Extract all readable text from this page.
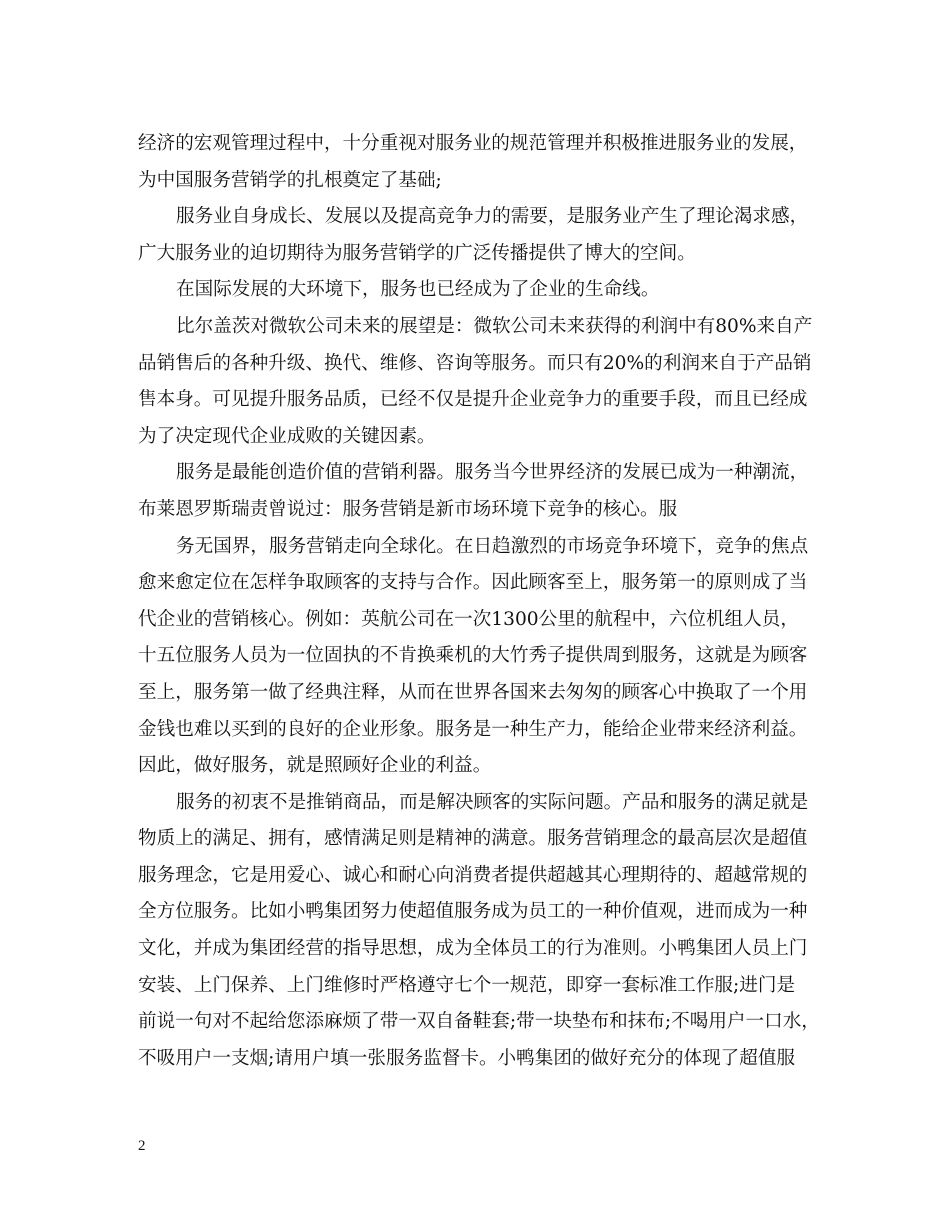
经济的宏观管理过程中，十分重视对服务业的规范管理并积极推进服务业的发展，
为中国服务营销学的扎根奠定了基础;
服务业自身成长、发展以及提高竞争力的需要，是服务业产生了理论渴求感，
广大服务业的迫切期待为服务营销学的广泛传播提供了博大的空间。
在国际发展的大环境下，服务也已经成为了企业的生命线。
比尔盖茨对微软公司未来的展望是：微软公司未来获得的利润中有80%来自产
品销售后的各种升级、换代、维修、咨询等服务。而只有20%的利润来自于产品销
售本身。可见提升服务品质，已经不仅是提升企业竞争力的重要手段，而且已经成
为了决定现代企业成败的关键因素。
服务是最能创造价值的营销利器。服务当今世界经济的发展已成为一种潮流，
布莱恩罗斯瑞责曾说过：服务营销是新市场环境下竞争的核心。服
务无国界，服务营销走向全球化。在日趋激烈的市场竞争环境下，竞争的焦点
愈来愈定位在怎样争取顾客的支持与合作。因此顾客至上，服务第一的原则成了当
代企业的营销核心。例如：英航公司在一次1300公里的航程中，六位机组人员，
十五位服务人员为一位固执的不肯换乘机的大竹秀子提供周到服务，这就是为顾客
至上，服务第一做了经典注释，从而在世界各国来去匆匆的顾客心中换取了一个用
金钱也难以买到的良好的企业形象。服务是一种生产力，能给企业带来经济利益。
因此，做好服务，就是照顾好企业的利益。
服务的初衷不是推销商品，而是解决顾客的实际问题。产品和服务的满足就是
物质上的满足、拥有，感情满足则是精神的满意。服务营销理念的最高层次是超值
服务理念，它是用爱心、诚心和耐心向消费者提供超越其心理期待的、超越常规的
全方位服务。比如小鸭集团努力使超值服务成为员工的一种价值观，进而成为一种
文化，并成为集团经营的指导思想，成为全体员工的行为准则。小鸭集团人员上门
安装、上门保养、上门维修时严格遵守七个一规范，即穿一套标准工作服;进门是
前说一句对不起给您添麻烦了带一双自备鞋套;带一块垫布和抹布;不喝用户一口水，
不吸用户一支烟;请用户填一张服务监督卡。小鸭集团的做好充分的体现了超值服
2
